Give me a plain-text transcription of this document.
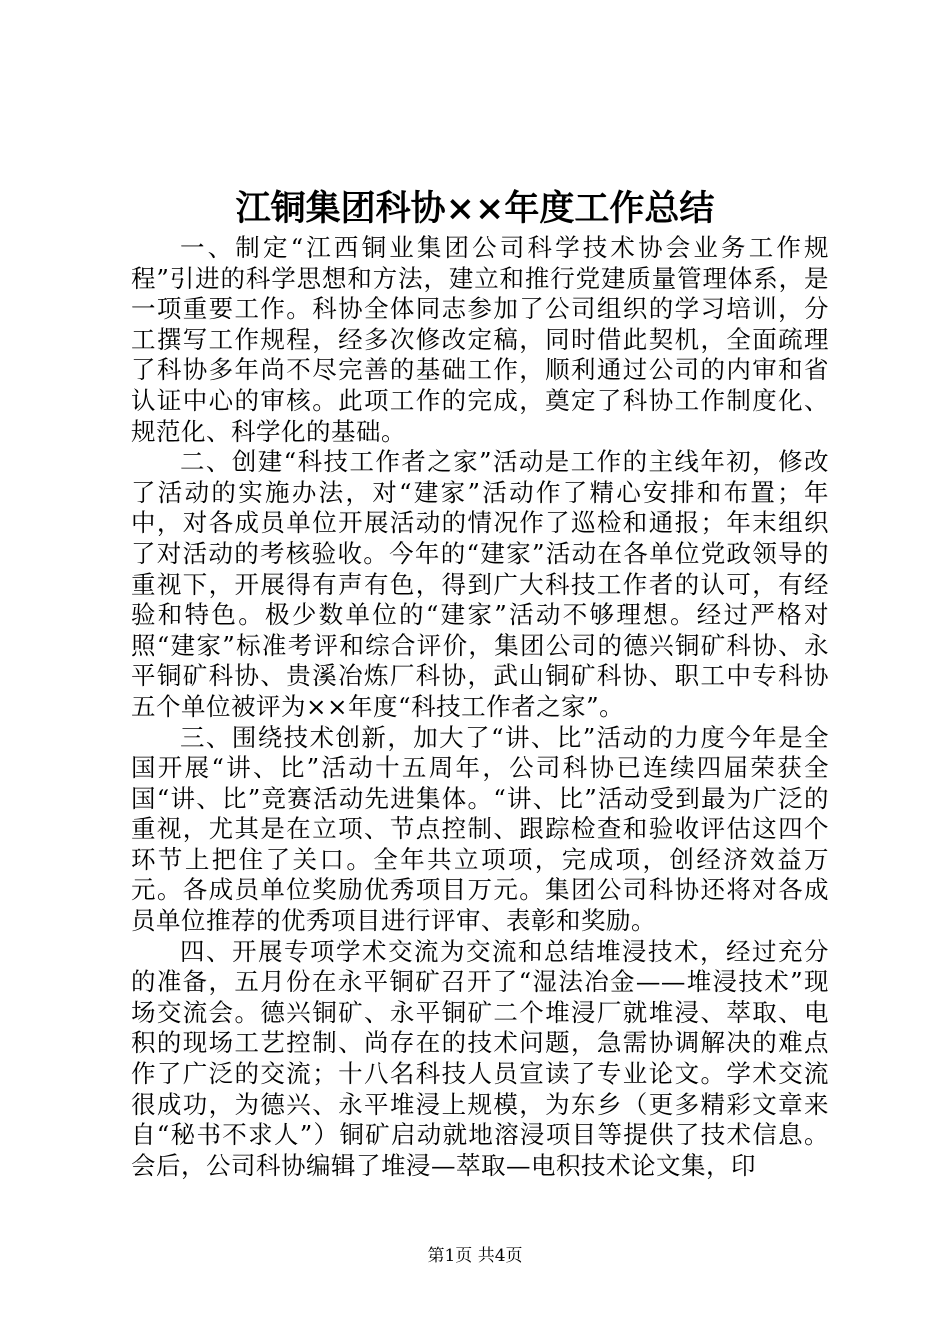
江铜集团科协××年度工作总结

一、制定“江西铜业集团公司科学技术协会业务工作规程”引进的科学思想和方法，建立和推行党建质量管理体系，是一项重要工作。科协全体同志参加了公司组织的学习培训，分工撰写工作规程，经多次修改定稿，同时借此契机，全面疏理了科协多年尚不尽完善的基础工作，顺利通过公司的内审和省认证中心的审核。此项工作的完成，奠定了科协工作制度化、规范化、科学化的基础。

二、创建“科技工作者之家”活动是工作的主线年初，修改了活动的实施办法，对“建家”活动作了精心安排和布置；年中，对各成员单位开展活动的情况作了巡检和通报；年末组织了对活动的考核验收。今年的“建家”活动在各单位党政领导的重视下，开展得有声有色，得到广大科技工作者的认可，有经验和特色。极少数单位的“建家”活动不够理想。经过严格对照“建家”标准考评和综合评价，集团公司的德兴铜矿科协、永平铜矿科协、贵溪冶炼厂科协，武山铜矿科协、职工中专科协五个单位被评为××年度“科技工作者之家”。

三、围绕技术创新，加大了“讲、比”活动的力度今年是全国开展“讲、比”活动十五周年，公司科协已连续四届荣获全国“讲、比”竞赛活动先进集体。“讲、比”活动受到最为广泛的重视，尤其是在立项、节点控制、跟踪检查和验收评估这四个环节上把住了关口。全年共立项项，完成项，创经济效益万元。各成员单位奖励优秀项目万元。集团公司科协还将对各成员单位推荐的优秀项目进行评审、表彰和奖励。

四、开展专项学术交流为交流和总结堆浸技术，经过充分的准备，五月份在永平铜矿召开了“湿法冶金——堆浸技术”现场交流会。德兴铜矿、永平铜矿二个堆浸厂就堆浸、萃取、电积的现场工艺控制、尚存在的技术问题，急需协调解决的难点作了广泛的交流；十八名科技人员宣读了专业论文。学术交流很成功，为德兴、永平堆浸上规模，为东乡（更多精彩文章来自“秘书不求人”）铜矿启动就地溶浸项目等提供了技术信息。会后，公司科协编辑了堆浸—萃取—电积技术论文集，印

第1页 共4页
